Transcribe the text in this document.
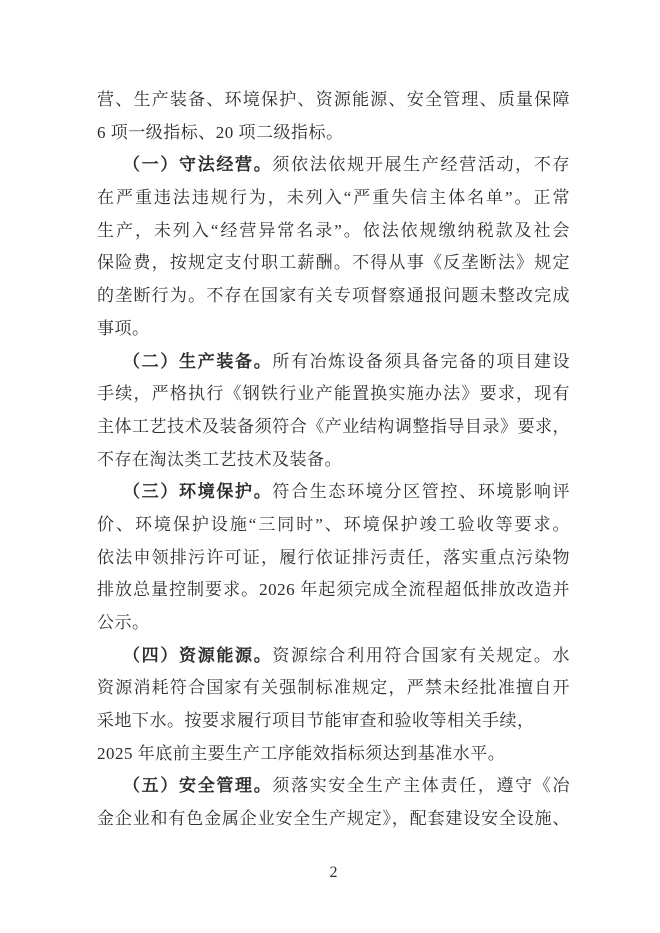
营、生产装备、环境保护、资源能源、安全管理、质量保障
6 项一级指标、20 项二级指标。
（一）守法经营。须依法依规开展生产经营活动，不存
在严重违法违规行为，未列入“严重失信主体名单”。正常
生产，未列入“经营异常名录”。依法依规缴纳税款及社会
保险费，按规定支付职工薪酬。不得从事《反垄断法》规定
的垄断行为。不存在国家有关专项督察通报问题未整改完成
事项。
（二）生产装备。所有冶炼设备须具备完备的项目建设
手续，严格执行《钢铁行业产能置换实施办法》要求，现有
主体工艺技术及装备须符合《产业结构调整指导目录》要求，
不存在淘汰类工艺技术及装备。
（三）环境保护。符合生态环境分区管控、环境影响评
价、环境保护设施“三同时”、环境保护竣工验收等要求。
依法申领排污许可证，履行依证排污责任，落实重点污染物
排放总量控制要求。2026 年起须完成全流程超低排放改造并
公示。
（四）资源能源。资源综合利用符合国家有关规定。水
资源消耗符合国家有关强制标准规定，严禁未经批准擅自开
采地下水。按要求履行项目节能审查和验收等相关手续，
2025 年底前主要生产工序能效指标须达到基准水平。
（五）安全管理。须落实安全生产主体责任，遵守《冶
金企业和有色金属企业安全生产规定》，配套建设安全设施、
2
